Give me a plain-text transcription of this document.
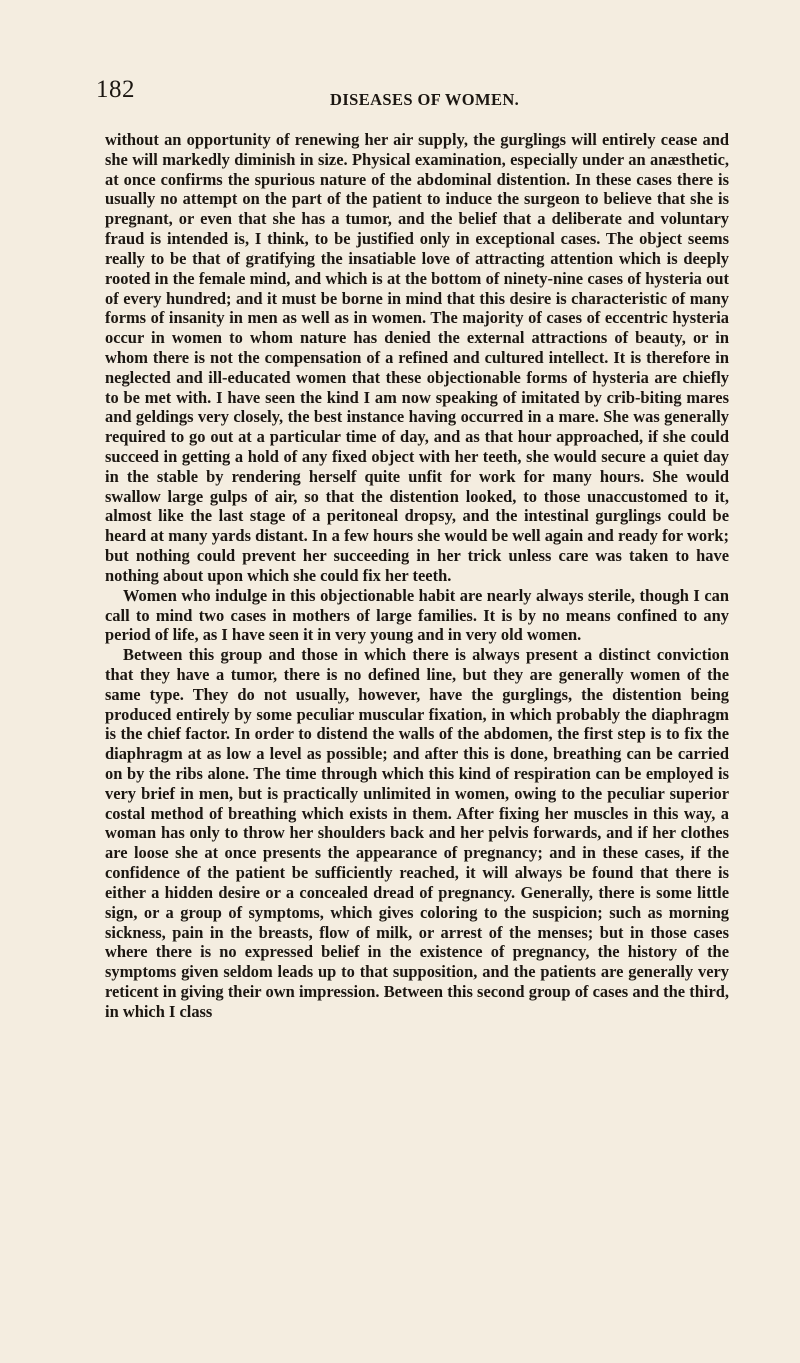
182	DISEASES OF WOMEN.

without an opportunity of renewing her air supply, the gurglings will entirely cease and she will markedly diminish in size. Physical examination, especially under an anæsthetic, at once confirms the spurious nature of the abdominal distention. In these cases there is usually no attempt on the part of the patient to induce the surgeon to believe that she is pregnant, or even that she has a tumor, and the belief that a deliberate and voluntary fraud is intended is, I think, to be justified only in exceptional cases. The object seems really to be that of gratifying the insatiable love of attracting attention which is deeply rooted in the female mind, and which is at the bottom of ninety-nine cases of hysteria out of every hundred; and it must be borne in mind that this desire is characteristic of many forms of insanity in men as well as in women. The majority of cases of eccentric hysteria occur in women to whom nature has denied the external attractions of beauty, or in whom there is not the compensation of a refined and cultured intellect. It is therefore in neglected and ill-educated women that these objectionable forms of hysteria are chiefly to be met with. I have seen the kind I am now speaking of imitated by crib-biting mares and geldings very closely, the best instance having occurred in a mare. She was generally required to go out at a particular time of day, and as that hour approached, if she could succeed in getting a hold of any fixed object with her teeth, she would secure a quiet day in the stable by rendering herself quite unfit for work for many hours. She would swallow large gulps of air, so that the distention looked, to those unaccustomed to it, almost like the last stage of a peritoneal dropsy, and the intestinal gurglings could be heard at many yards distant. In a few hours she would be well again and ready for work; but nothing could prevent her succeeding in her trick unless care was taken to have nothing about upon which she could fix her teeth.

Women who indulge in this objectionable habit are nearly always sterile, though I can call to mind two cases in mothers of large families. It is by no means confined to any period of life, as I have seen it in very young and in very old women.

Between this group and those in which there is always present a distinct conviction that they have a tumor, there is no defined line, but they are generally women of the same type. They do not usually, however, have the gurglings, the distention being produced entirely by some peculiar muscular fixation, in which probably the diaphragm is the chief factor. In order to distend the walls of the abdomen, the first step is to fix the diaphragm at as low a level as possible; and after this is done, breathing can be carried on by the ribs alone. The time through which this kind of respiration can be employed is very brief in men, but is practically unlimited in women, owing to the peculiar superior costal method of breathing which exists in them. After fixing her muscles in this way, a woman has only to throw her shoulders back and her pelvis forwards, and if her clothes are loose she at once presents the appearance of pregnancy; and in these cases, if the confidence of the patient be sufficiently reached, it will always be found that there is either a hidden desire or a concealed dread of pregnancy. Generally, there is some little sign, or a group of symptoms, which gives coloring to the suspicion; such as morning sickness, pain in the breasts, flow of milk, or arrest of the menses; but in those cases where there is no expressed belief in the existence of pregnancy, the history of the symptoms given seldom leads up to that supposition, and the patients are generally very reticent in giving their own impression. Between this second group of cases and the third, in which I class
